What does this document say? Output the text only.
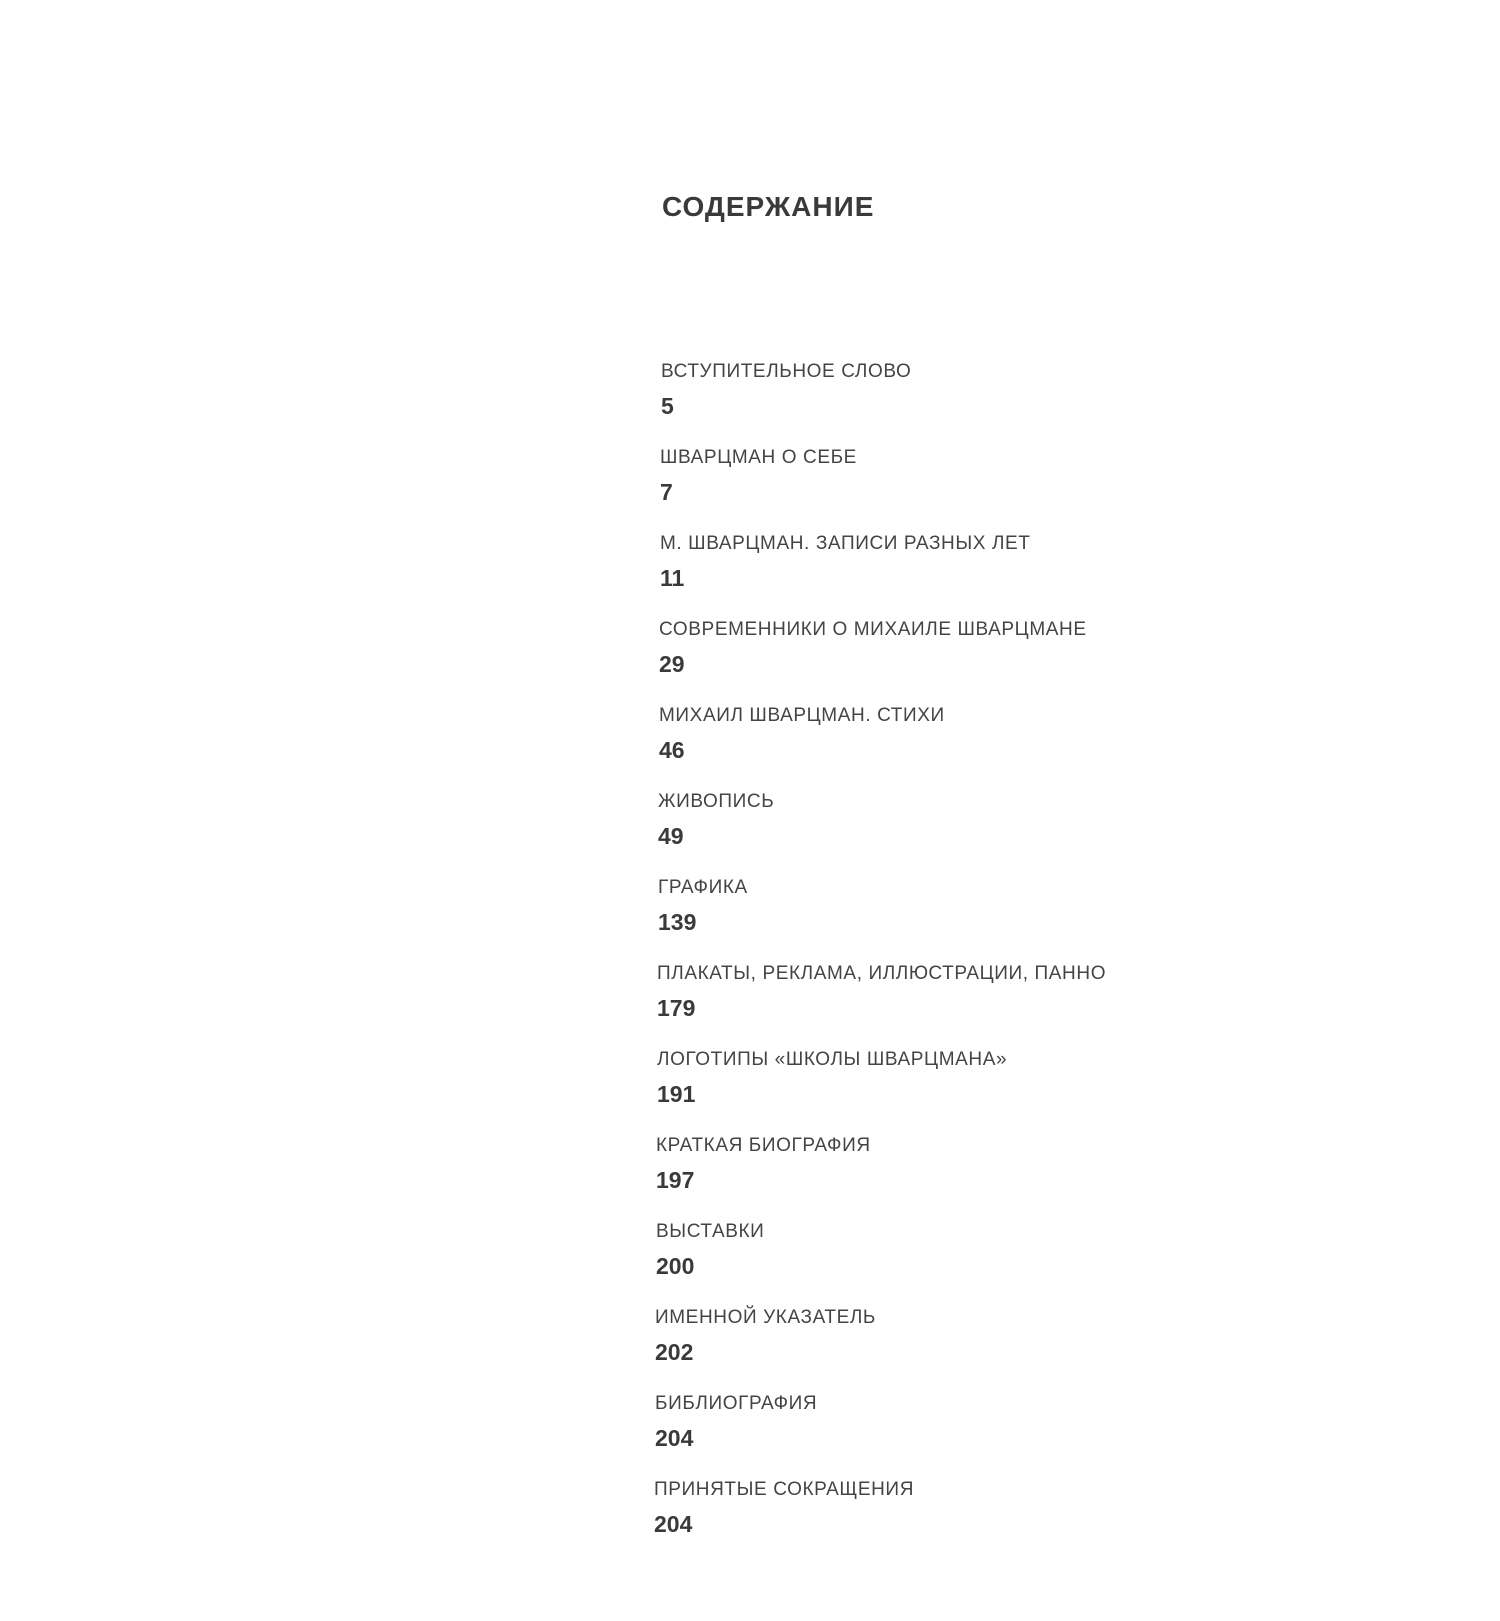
СОДЕРЖАНИЕ
ВСТУПИТЕЛЬНОЕ СЛОВО
5
ШВАРЦМАН О СЕБЕ
7
М. ШВАРЦМАН. ЗАПИСИ РАЗНЫХ ЛЕТ
11
СОВРЕМЕННИКИ О МИХАИЛЕ ШВАРЦМАНЕ
29
МИХАИЛ ШВАРЦМАН. СТИХИ
46
ЖИВОПИСЬ
49
ГРАФИКА
139
ПЛАКАТЫ, РЕКЛАМА, ИЛЛЮСТРАЦИИ, ПАННО
179
ЛОГОТИПЫ «ШКОЛЫ ШВАРЦМАНА»
191
КРАТКАЯ БИОГРАФИЯ
197
ВЫСТАВКИ
200
ИМЕННОЙ УКАЗАТЕЛЬ
202
БИБЛИОГРАФИЯ
204
ПРИНЯТЫЕ СОКРАЩЕНИЯ
204
